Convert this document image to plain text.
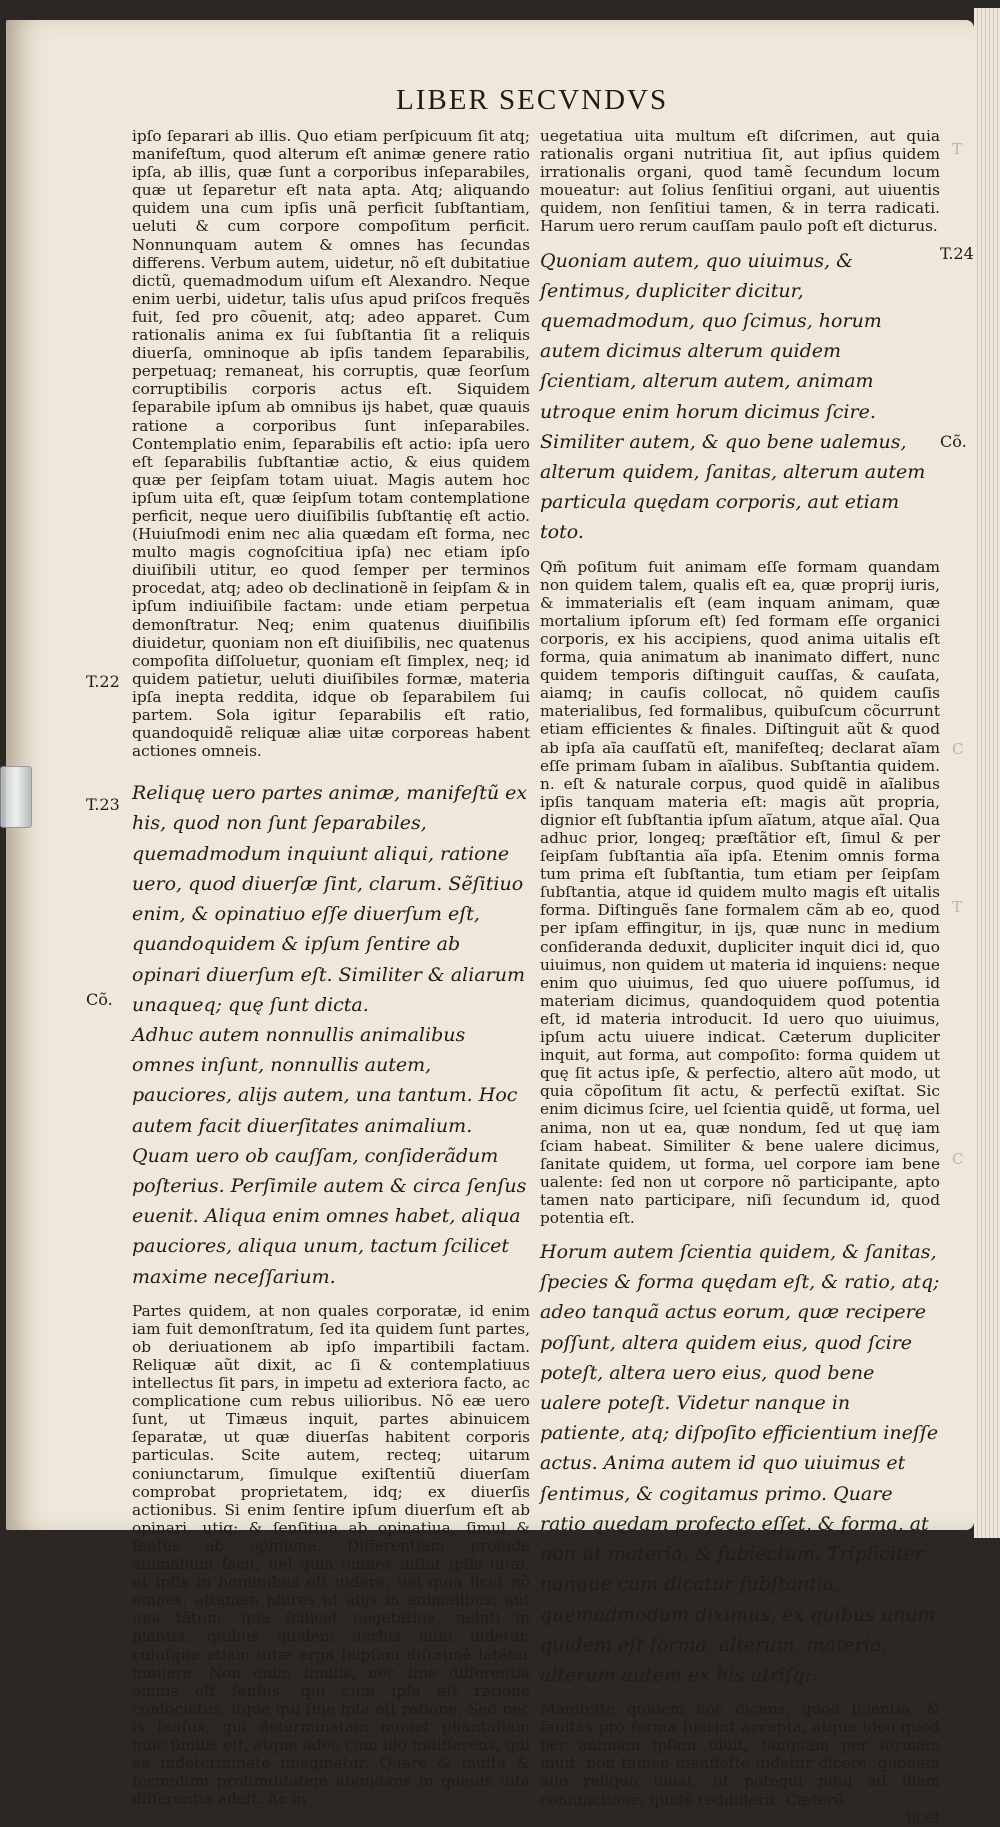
LIBER SECVNDVS
T
C
T
C
T.22
T.23
Cõ.
T.24
Cõ.

ipſo ſeparari ab illis. Quo etiam perſpicuum ſit atq; manifeſtum, quod alterum eſt animæ genere ratio ipſa, ab illis, quæ ſunt a corporibus inſeparabiles, quæ ut ſeparetur eſt nata apta. Atq; aliquando quidem una cum ipſis unã perficit ſubſtantiam, ueluti & cum corpore compoſitum perficit. Nonnunquam autem & omnes has ſecundas differens. Verbum autem, uidetur, nõ eſt dubitatiue dictũ, quemadmodum uiſum eſt Alexandro. Neque enim uerbi, uidetur, talis uſus apud priſcos frequẽs fuit, ſed pro cõuenit, atq; adeo apparet. Cum rationalis anima ex ſui ſubſtantia ſit a reliquis diuerſa, omninoque ab ipſis tandem ſeparabilis, perpetuaq; remaneat, his corruptis, quæ ſeorſum corruptibilis corporis actus eſt. Siquidem ſeparabile ipſum ab omnibus ijs habet, quæ quauis ratione a corporibus ſunt inſeparabiles. Contemplatio enim, ſeparabilis eſt actio: ipſa uero eſt ſeparabilis ſubſtantiæ actio, & eius quidem quæ per ſeipſam totam uiuat. Magis autem hoc ipſum uita eſt, quæ ſeipſum totam contemplatione perficit, neque uero diuiſibilis ſubſtantię eſt actio. (Huiuſmodi enim nec alia quædam eſt forma, nec multo magis cognoſcitiua ipſa) nec etiam ipſo diuiſibili utitur, eo quod ſemper per terminos procedat, atq; adeo ob declinationẽ in ſeipſam & in ipſum indiuiſibile factam: unde etiam perpetua demonſtratur. Neq; enim quatenus diuiſibilis diuidetur, quoniam non eſt diuiſibilis, nec quatenus compoſita diſſoluetur, quoniam eſt ſimplex, neq; id quidem patietur, ueluti diuiſibiles formæ, materia ipſa inepta reddita, idque ob ſeparabilem ſui partem. Sola igitur ſeparabilis eſt ratio, quandoquidẽ reliquæ aliæ uitæ corporeas habent actiones omneis.

Reliquę uero partes animæ, manifeſtũ ex his, quod non ſunt ſeparabiles, quemadmodum inquiunt aliqui, ratione uero, quod diuerſæ ſint, clarum. Sẽſitiuo enim, & opinatiuo eſſe diuerſum eſt, quandoquidem & ipſum ſentire ab opinari diuerſum eſt. Similiter & aliarum unaqueq; quę ſunt dicta.

Adhuc autem nonnullis animalibus omnes inſunt, nonnullis autem, pauciores, alijs autem, una tantum. Hoc autem facit diuerſitates animalium. Quam uero ob cauſſam, conſiderãdum poſterius. Perſimile autem & circa ſenſus euenit. Aliqua enim omnes habet, aliqua pauciores, aliqua unum, tactum ſcilicet maxime neceſſarium.

Partes quidem, at non quales corporatæ, id enim iam fuit demonſtratum, ſed ita quidem ſunt partes, ob deriuationem ab ipſo impartibili factam. Reliquæ aũt dixit, ac ſi & contemplatiuus intellectus ſit pars, in impetu ad exteriora facto, ac complicatione cum rebus uilioribus. Nõ eæ uero ſunt, ut Timæus inquit, partes abinuicem ſeparatæ, ut quæ diuerſas habitent corporis particulas. Scite autem, recteq; uitarum coniunctarum, ſimulque exiſtentiũ diuerſam comprobat proprietatem, idq; ex diuerſis actionibus. Si enim ſentire ipſum diuerſum eſt ab opinari, utiq; & ſenſitiua ab opinatiua, ſimul & ſenſus ab opinione. Differentiam proinde animalium facit, uel quia omnes inſint ipſis uitæ, ut ipſis in hominibus eſt uidere, uel quia licet nõ omnes, attamen plures ut alijs in animalibus: aut una tãtum, ipſa ſcilicet uegetatiua, ueluti in plantis, quibus quidem uerbis mihi uidetur, cuiuſque etiam uitæ erga ſeipſam diſcrimẽ latẽter innuere. Non enim ſimilis, nec ſine differentia omnis eſt ſenſus, qui cum ipſa eſt ratione conſociatus, iſque qui ſine ipſa eſt ratione. Sed nec is ſenſus, qui determinatam mouet phantaſiam huic ſimilis eſt, atque adeo cum illo indifferens, qui eã indeterminate imaginatur. Quare & multa & ſecundum profunditatem abundans in quauis uita differentia adeſt. Ac in

uegetatiua uita multum eſt diſcrimen, aut quia rationalis organi nutritiua ſit, aut ipſius quidem irrationalis organi, quod tamẽ ſecundum locum moueatur: aut ſolius ſenſitiui organi, aut uiuentis quidem, non ſenſitiui tamen, & in terra radicati. Harum uero rerum cauſſam paulo poſt eſt dicturus.

Quoniam autem, quo uiuimus, & ſentimus, dupliciter dicitur, quemadmodum, quo ſcimus, horum autem dicimus alterum quidem ſcientiam, alterum autem, animam utroque enim horum dicimus ſcire. Similiter autem, & quo bene ualemus, alterum quidem, ſanitas, alterum autem particula quędam corporis, aut etiam toto.

Qm̃ poſitum fuit animam eſſe formam quandam non quidem talem, qualis eſt ea, quæ proprij iuris, & immaterialis eſt (eam inquam animam, quæ mortalium ipſorum eſt) ſed formam eſſe organici corporis, ex his accipiens, quod anima uitalis eſt forma, quia animatum ab inanimato differt, nunc quidem temporis diſtinguit cauſſas, & cauſata, aiamq; in cauſis collocat, nõ quidem cauſis materialibus, ſed formalibus, quibuſcum cõcurrunt etiam efficientes & finales. Diſtinguit aũt & quod ab ipſa aĩa cauſſatũ eſt, manifeſteq; declarat aĩam eſſe primam ſubam in aĩalibus. Subſtantia quidem. n. eſt & naturale corpus, quod quidẽ in aĩalibus ipſis tanquam materia eſt: magis aũt propria, dignior eſt ſubſtantia ipſum aĩatum, atque aĩal. Qua adhuc prior, longeq; præſtãtior eſt, ſimul & per ſeipſam ſubſtantia aĩa ipſa. Etenim omnis forma tum prima eſt ſubſtantia, tum etiam per ſeipſam ſubſtantia, atque id quidem multo magis eſt uitalis forma. Diſtinguẽs ſane formalem cãm ab eo, quod per ipſam effingitur, in ijs, quæ nunc in medium conſideranda deduxit, dupliciter inquit dici id, quo uiuimus, non quidem ut materia id inquiens: neque enim quo uiuimus, ſed quo uiuere poſſumus, id materiam dicimus, quandoquidem quod potentia eſt, id materia introducit. Id uero quo uiuimus, ipſum actu uiuere indicat. Cæterum dupliciter inquit, aut forma, aut compoſito: forma quidem ut quę ſit actus ipſe, & perfectio, altero aũt modo, ut quia cõpoſitum ſit actu, & perfectũ exiſtat. Sic enim dicimus ſcire, uel ſcientia quidẽ, ut forma, uel anima, non ut ea, quæ nondum, ſed ut quę iam ſciam habeat. Similiter & bene ualere dicimus, ſanitate quidem, ut forma, uel corpore iam bene ualente: ſed non ut corpore nõ participante, apto tamen nato participare, niſi ſecundum id, quod potentia eſt.

Horum autem ſcientia quidem, & ſanitas, ſpecies & forma quędam eſt, & ratio, atq; adeo tanquã actus eorum, quæ recipere poſſunt, altera quidem eius, quod ſcire poteſt, altera uero eius, quod bene ualere poteſt. Videtur nanque in patiente, atq; diſpoſito efficientium ineſſe actus. Anima autem id quo uiuimus et ſentimus, & cogitamus primo. Quare ratio quędam profecto eſſet, & forma, at non ut materia, & ſubiectum. Tripliciter nanque cum dicatur ſubſtantia, quemadmodum diximus, ex quibus unum quidem eſt forma, alterum, materia, alterum autem ex his utriſq;.

Manifeſte quidem hoc dicens, quod ſcientia, & ſanitas pro forma fuerint accepta, atque ideo quod per animam ipſam uiuit, tanquam per formam uiuit, non tamen manifeſte uidetur dicere, quonam alio reliquo uiuat, ut potequi nihil ad illam coniunctionẽ, quidẽ reddiderit. Cæterũ

licet
